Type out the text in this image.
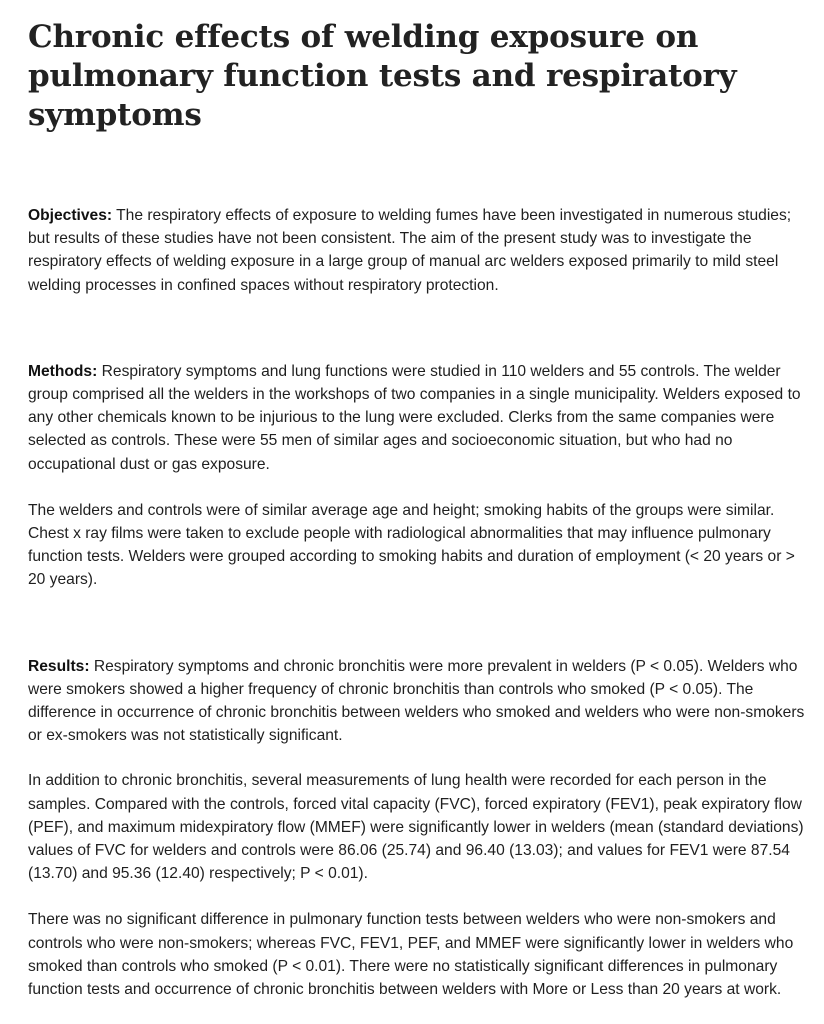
Chronic effects of welding exposure on pulmonary function tests and respiratory symptoms

Objectives: The respiratory effects of exposure to welding fumes have been investigated in numerous studies; but results of these studies have not been consistent. The aim of the present study was to investigate the respiratory effects of welding exposure in a large group of manual arc welders exposed primarily to mild steel welding processes in confined spaces without respiratory protection.

Methods: Respiratory symptoms and lung functions were studied in 110 welders and 55 controls. The welder group comprised all the welders in the workshops of two companies in a single municipality. Welders exposed to any other chemicals known to be injurious to the lung were excluded. Clerks from the same companies were selected as controls. These were 55 men of similar ages and socioeconomic situation, but who had no occupational dust or gas exposure.

The welders and controls were of similar average age and height; smoking habits of the groups were similar. Chest x ray films were taken to exclude people with radiological abnormalities that may influence pulmonary function tests. Welders were grouped according to smoking habits and duration of employment (< 20 years or > 20 years).

Results: Respiratory symptoms and chronic bronchitis were more prevalent in welders (P < 0.05). Welders who were smokers showed a higher frequency of chronic bronchitis than controls who smoked (P < 0.05). The difference in occurrence of chronic bronchitis between welders who smoked and welders who were non-smokers or ex-smokers was not statistically significant.

In addition to chronic bronchitis, several measurements of lung health were recorded for each person in the samples. Compared with the controls, forced vital capacity (FVC), forced expiratory (FEV1), peak expiratory flow (PEF), and maximum midexpiratory flow (MMEF) were significantly lower in welders (mean (standard deviations) values of FVC for welders and controls were 86.06 (25.74) and 96.40 (13.03); and values for FEV1 were 87.54 (13.70) and 95.36 (12.40) respectively; P < 0.01).

There was no significant difference in pulmonary function tests between welders who were non-smokers and controls who were non-smokers; whereas FVC, FEV1, PEF, and MMEF were significantly lower in welders who smoked than controls who smoked (P < 0.01). There were no statistically significant differences in pulmonary function tests and occurrence of chronic bronchitis between welders with More or Less than 20 years at work.
